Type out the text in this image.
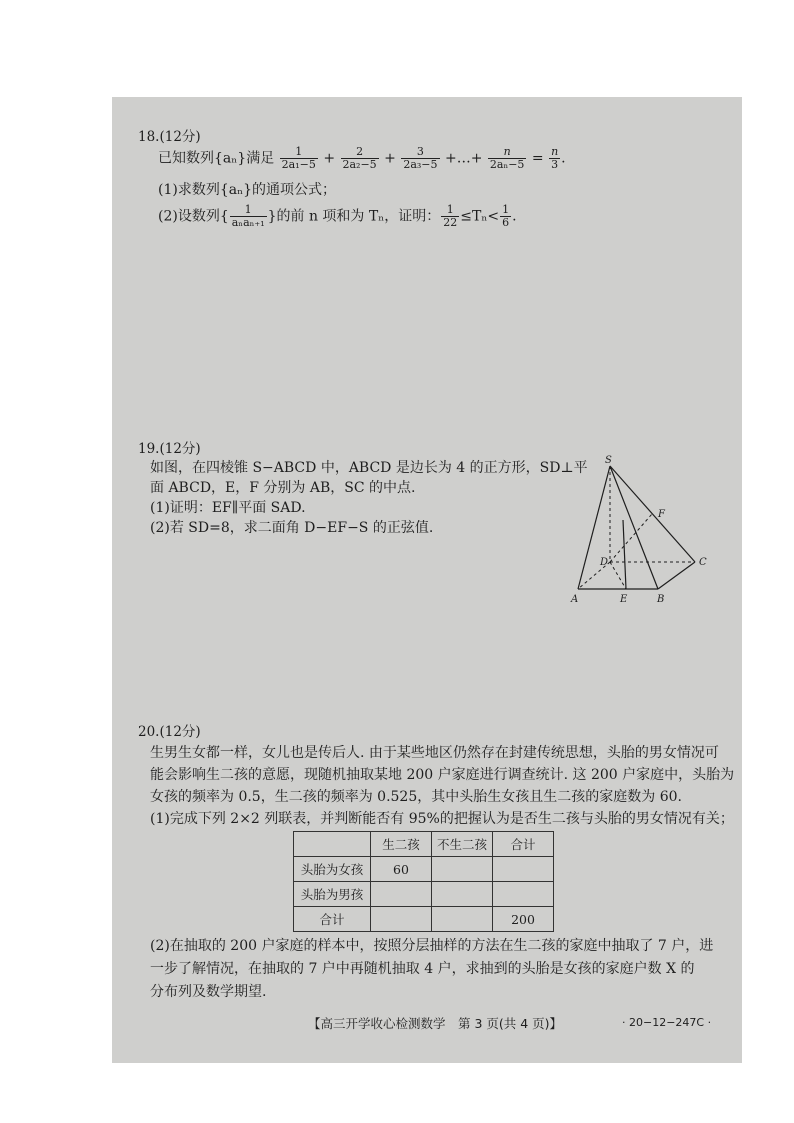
18.(12分)
已知数列{aₙ}满足 $\frac{1}{\text{2a₁−5}} + \frac{2}{\text{2a₂−5}} + \frac{3}{\text{2a₃−5}}$ +…+ $\frac{n}{\text{2aₙ−5}} = \frac{n}{3}$ .
(1)求数列{aₙ}的通项公式；
(2)设数列{ $\frac{1}{\text{aₙaₙ₊₁}}$ }的前 n 项和为 Tₙ，证明： $\frac{1}{22} \le T_n< \frac{1}{6}$ .
19.(12分)
如图，在四棱锥 S−ABCD 中，ABCD 是边长为 4 的正方形，SD⊥平
面 ABCD，E，F 分别为 AB，SC 的中点.
(1)证明：EF∥平面 SAD.
(2)若 SD=8，求二面角 D−EF−S 的正弦值.
S
F
D	C
A	E	B
20.(12分)
生男生女都一样，女儿也是传后人. 由于某些地区仍然存在封建传统思想，头胎的男女情况可
能会影响生二孩的意愿，现随机抽取某地 200 户家庭进行调查统计. 这 200 户家庭中，头胎为
女孩的频率为 0.5，生二孩的频率为 0.525，其中头胎生女孩且生二孩的家庭数为 60.
(1)完成下列 2×2 列联表，并判断能否有 95%的把握认为是否生二孩与头胎的男女情况有关；
	生二孩	不生二孩	合计
头胎为女孩	60		
头胎为男孩			
合计			200
(2)在抽取的 200 户家庭的样本中，按照分层抽样的方法在生二孩的家庭中抽取了 7 户，进
一步了解情况，在抽取的 7 户中再随机抽取 4 户，求抽到的头胎是女孩的家庭户数 X 的
分布列及数学期望.
【高三开学收心检测数学　第 3 页(共 4 页)】	· 20−12−247C ·
